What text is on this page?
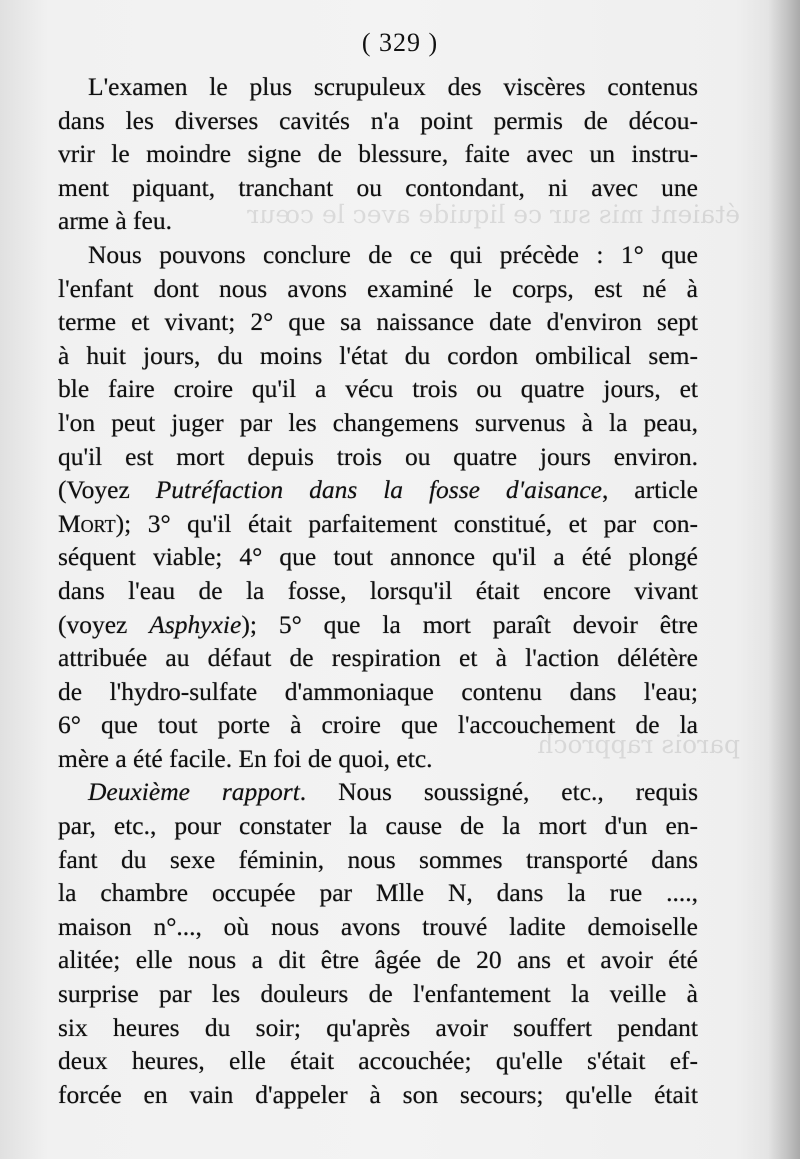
étaient mis sur ce liquide avec le cœur
parois rapproch
( 329 )
L'examen le plus scrupuleux des viscères contenus
dans les diverses cavités n'a point permis de décou-
vrir le moindre signe de blessure, faite avec un instru-
ment piquant, tranchant ou contondant, ni avec une
arme à feu.
Nous pouvons conclure de ce qui précède : 1° que
l'enfant dont nous avons examiné le corps, est né à
terme et vivant; 2° que sa naissance date d'environ sept
à huit jours, du moins l'état du cordon ombilical sem-
ble faire croire qu'il a vécu trois ou quatre jours, et
l'on peut juger par les changemens survenus à la peau,
qu'il est mort depuis trois ou quatre jours environ.
(Voyez Putréfaction dans la fosse d'aisance, article
Mort); 3° qu'il était parfaitement constitué, et par con-
séquent viable; 4° que tout annonce qu'il a été plongé
dans l'eau de la fosse, lorsqu'il était encore vivant
(voyez Asphyxie); 5° que la mort paraît devoir être
attribuée au défaut de respiration et à l'action délétère
de l'hydro-sulfate d'ammoniaque contenu dans l'eau;
6° que tout porte à croire que l'accouchement de la
mère a été facile. En foi de quoi, etc.
Deuxième rapport. Nous soussigné, etc., requis
par, etc., pour constater la cause de la mort d'un en-
fant du sexe féminin, nous sommes transporté dans
la chambre occupée par Mlle N, dans la rue ....,
maison n°..., où nous avons trouvé ladite demoiselle
alitée; elle nous a dit être âgée de 20 ans et avoir été
surprise par les douleurs de l'enfantement la veille à
six heures du soir; qu'après avoir souffert pendant
deux heures, elle était accouchée; qu'elle s'était ef-
forcée en vain d'appeler à son secours; qu'elle était
